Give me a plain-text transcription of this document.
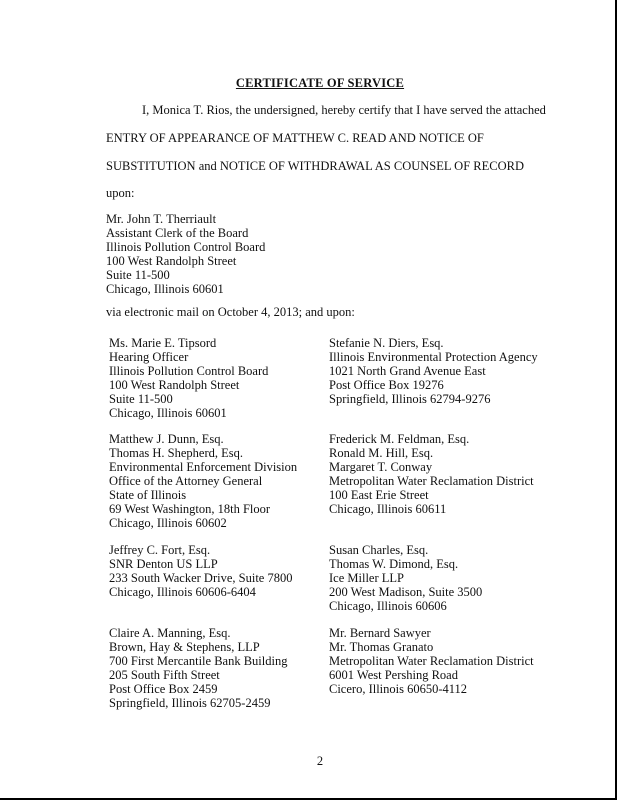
CERTIFICATE OF SERVICE
I, Monica T. Rios, the undersigned, hereby certify that I have served the attached
ENTRY OF APPEARANCE OF MATTHEW C. READ AND NOTICE OF
SUBSTITUTION and NOTICE OF WITHDRAWAL AS COUNSEL OF RECORD
upon:
Mr. John T. Therriault
Assistant Clerk of the Board
Illinois Pollution Control Board
100 West Randolph Street
Suite 11-500
Chicago, Illinois 60601
via electronic mail on October 4, 2013; and upon:
Ms. Marie E. Tipsord
Hearing Officer
Illinois Pollution Control Board
100 West Randolph Street
Suite 11-500
Chicago, Illinois 60601
Matthew J. Dunn, Esq.
Thomas H. Shepherd, Esq.
Environmental Enforcement Division
Office of the Attorney General
State of Illinois
69 West Washington, 18th Floor
Chicago, Illinois 60602
Jeffrey C. Fort, Esq.
SNR Denton US LLP
233 South Wacker Drive, Suite 7800
Chicago, Illinois 60606-6404
Claire A. Manning, Esq.
Brown, Hay & Stephens, LLP
700 First Mercantile Bank Building
205 South Fifth Street
Post Office Box 2459
Springfield, Illinois 62705-2459
Stefanie N. Diers, Esq.
Illinois Environmental Protection Agency
1021 North Grand Avenue East
Post Office Box 19276
Springfield, Illinois 62794-9276
Frederick M. Feldman, Esq.
Ronald M. Hill, Esq.
Margaret T. Conway
Metropolitan Water Reclamation District
100 East Erie Street
Chicago, Illinois 60611
Susan Charles, Esq.
Thomas W. Dimond, Esq.
Ice Miller LLP
200 West Madison, Suite 3500
Chicago, Illinois 60606
Mr. Bernard Sawyer
Mr. Thomas Granato
Metropolitan Water Reclamation District
6001 West Pershing Road
Cicero, Illinois 60650-4112
2
